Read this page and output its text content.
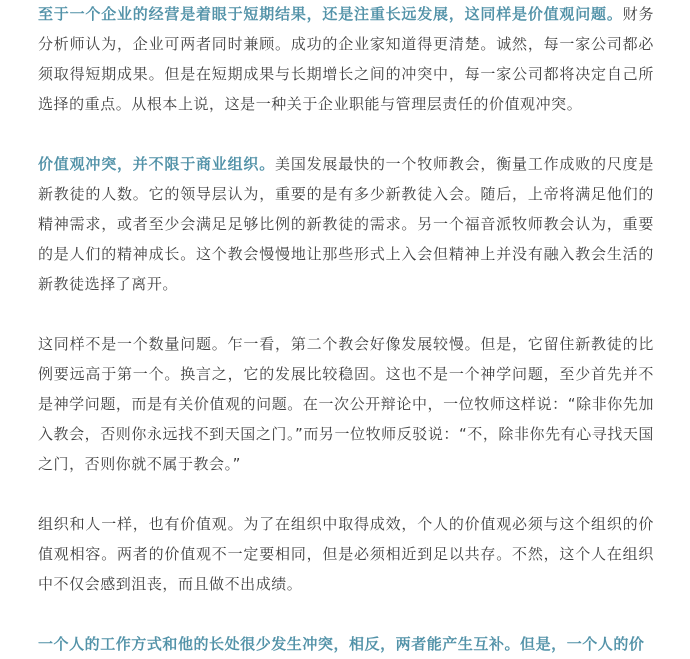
至于一个企业的经营是着眼于短期结果，还是注重长远发展，这同样是价值观问题。财务分析师认为，企业可两者同时兼顾。成功的企业家知道得更清楚。诚然，每一家公司都必须取得短期成果。但是在短期成果与长期增长之间的冲突中，每一家公司都将决定自己所选择的重点。从根本上说，这是一种关于企业职能与管理层责任的价值观冲突。

价值观冲突，并不限于商业组织。美国发展最快的一个牧师教会，衡量工作成败的尺度是新教徒的人数。它的领导层认为，重要的是有多少新教徒入会。随后，上帝将满足他们的精神需求，或者至少会满足足够比例的新教徒的需求。另一个福音派牧师教会认为，重要的是人们的精神成长。这个教会慢慢地让那些形式上入会但精神上并没有融入教会生活的新教徒选择了离开。

这同样不是一个数量问题。乍一看，第二个教会好像发展较慢。但是，它留住新教徒的比例要远高于第一个。换言之，它的发展比较稳固。这也不是一个神学问题，至少首先并不是神学问题，而是有关价值观的问题。在一次公开辩论中，一位牧师这样说：“除非你先加入教会，否则你永远找不到天国之门。”而另一位牧师反驳说：“不，除非你先有心寻找天国之门，否则你就不属于教会。”

组织和人一样，也有价值观。为了在组织中取得成效，个人的价值观必须与这个组织的价值观相容。两者的价值观不一定要相同，但是必须相近到足以共存。不然，这个人在组织中不仅会感到沮丧，而且做不出成绩。

一个人的工作方式和他的长处很少发生冲突，相反，两者能产生互补。但是，一个人的价
